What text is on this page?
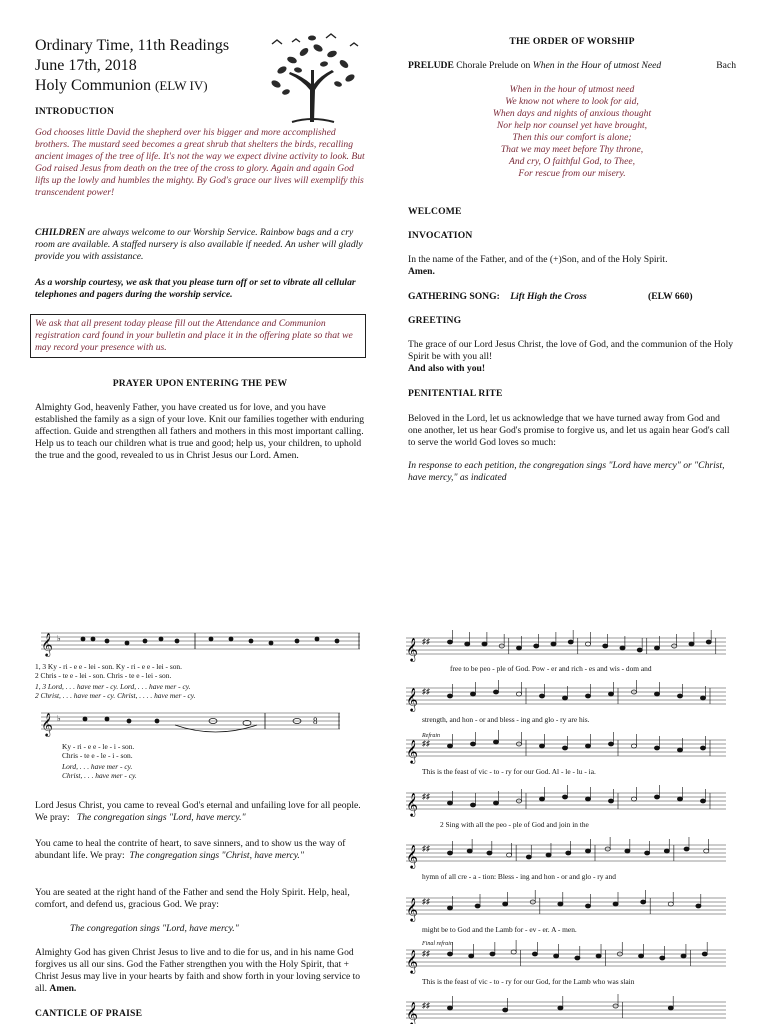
Ordinary Time, 11th Readings
June 17th, 2018
Holy Communion (ELW IV)
INTRODUCTION
God chooses little David the shepherd over his bigger and more accomplished brothers. The mustard seed becomes a great shrub that shelters the birds, recalling ancient images of the tree of life. It's not the way we expect divine activity to look. But God raised Jesus from death on the tree of the cross to glory. Again and again God lifts up the lowly and humbles the mighty. By God's grace our lives will exemplify this transcendent power!
CHILDREN are always welcome to our Worship Service. Rainbow bags and a cry room are available. A staffed nursery is also available if needed. An usher will gladly provide you with assistance.
As a worship courtesy, we ask that you please turn off or set to vibrate all cellular telephones and pagers during the worship service.
We ask that all present today please fill out the Attendance and Communion registration card found in your bulletin and place it in the offering plate so that we may record your presence with us.
PRAYER UPON ENTERING THE PEW
Almighty God, heavenly Father, you have created us for love, and you have established the family as a sign of your love. Knit our families together with enduring affection. Guide and strengthen all fathers and mothers in this most important calling. Help us to teach our children what is true and good; help us, your children, to uphold the true and the good, revealed to us in Christ Jesus our Lord. Amen.
𝄞
𝄞
♭
♭	8
1, 3 Ky - ri - e e - lei - son. Ky - ri - e e - lei - son.
2 Chris - te e - lei - son. Chris - te e - lei - son.
1, 3 Lord, . . . have mer - cy. Lord, . . . have mer - cy.
2 Christ, . . . have mer - cy. Christ, . . . . have mer - cy.
Ky - ri - e e - le - i - son.
Chris - te e - le - i - son.
Lord, . . . have mer - cy.
Christ, . . . have mer - cy.
Lord Jesus Christ, you came to reveal God's eternal and unfailing love for all people. We pray: The congregation sings "Lord, have mercy."
You came to heal the contrite of heart, to save sinners, and to show us the way of abundant life. We pray: The congregation sings "Christ, have mercy."
You are seated at the right hand of the Father and send the Holy Spirit. Help, heal, comfort, and defend us, gracious God. We pray:
The congregation sings "Lord, have mercy."
Almighty God has given Christ Jesus to live and to die for us, and in his name God forgives us all our sins. God the Father strengthen you with the Holy Spirit, that + Christ Jesus may live in your hearts by faith and show forth in your loving service to all. Amen.
CANTICLE OF PRAISE
THE ORDER OF WORSHIP
PRELUDE Chorale Prelude on When in the Hour of utmost Need	Bach

When in the hour of utmost need

We know not where to look for aid,

When days and nights of anxious thought

Nor help nor counsel yet have brought,

Then this our comfort is alone;

That we may meet before Thy throne,

And cry, O faithful God, to Thee,

For rescue from our misery.

WELCOME
INVOCATION
In the name of the Father, and of the (+)Son, and of the Holy Spirit.
Amen.
GATHERING SONG: Lift High the Cross	(ELW 660)
GREETING
The grace of our Lord Jesus Christ, the love of God, and the communion of the Holy Spirit be with you all!
And also with you!
PENITENTIAL RITE
Beloved in the Lord, let us acknowledge that we have turned away from God and one another, let us hear God's promise to forgive us, and let us again hear God's call to serve the world God loves so much:
In response to each petition, the congregation sings "Lord have mercy" or "Christ, have mercy," as indicated
𝄞 ♯♯
𝄞 ♯♯
𝄞 ♯♯
𝄞 ♯♯
𝄞 ♯♯
𝄞 ♯♯
𝄞 ♯♯
𝄞 ♯♯
free to be peo - ple of God. Pow - er and rich - es and wis - dom and
strength, and hon - or and bless - ing and glo - ry are his.
Refrain
This is the feast of vic - to - ry for our God. Al - le - lu - ia.
2 Sing with all the peo - ple of God and join in the
hymn of all cre - a - tion: Bless - ing and hon - or and glo - ry and
might be to God and the Lamb for - ev - er. A - men.
Final refrain
This is the feast of vic - to - ry for our God, for the Lamb who was slain
